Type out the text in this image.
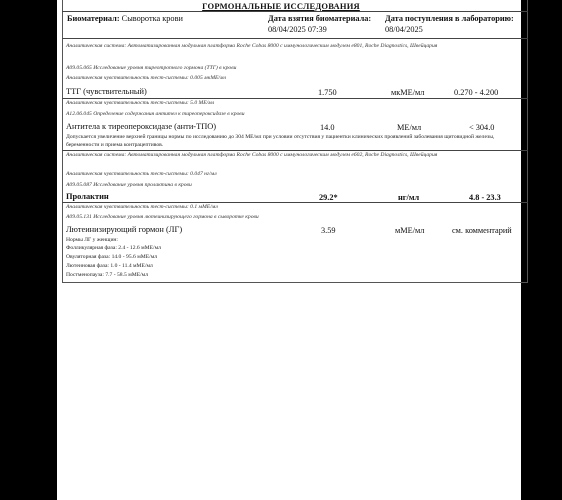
ГОРМОНАЛЬНЫЕ ИССЛЕДОВАНИЯ
Биоматериал: Сыворотка крови	Дата взятия биоматериала:
08/04/2025 07:39
Дата поступления в лабораторию:
08/04/2025
Аналитическая система: Автоматизированная модульная платформа Roche Cobas 8000 с иммунологическим модулем e801, Roche Diagnostics, Швейцария
А09.05.065 Исследование уровня тиреотропного гормона (ТТГ) в крови
Аналитическая чувствительность тест-системы: 0.005 мкМЕ/мл
ТТГ (чувствительный)	1.750	мкМЕ/мл	0.270 - 4.200
Аналитическая чувствительность тест-системы: 5.0 МЕ/мл
А12.06.045 Определение содержания антител к тиреопероксидазе в крови
Антитела к тиреопероксидазе (анти-ТПО)	14.0	МЕ/мл	< 304.0
Допускается увеличение верхней границы нормы по исследованию до 304 МЕ/мл при условии отсутствия у пациентки клинических проявлений заболевания щитовидной железы, беременности и приема контрацептивов.
Аналитическая система: Автоматизированная модульная платформа Roche Cobas 8000 с иммунологическим модулем e602, Roche Diagnostics, Швейцария
Аналитическая чувствительность тест-системы: 0.047 нг/мл
А09.05.087 Исследование уровня пролактина в крови
Пролактин	29.2*	нг/мл	4.8 - 23.3
Аналитическая чувствительность тест-системы: 0.1 мМЕ/мл
А09.05.131 Исследование уровня лютеинизирующего гормона в сыворотке крови
Лютеинизирующий гормон (ЛГ)	3.59	мМЕ/мл	см. комментарий
Нормы ЛГ у женщин:
Фолликулярная фаза: 2.4 - 12.6 мМЕ/мл
Овуляторная фаза: 14.0 - 95.6 мМЕ/мл
Лютеиновая фаза: 1.0 - 11.4 мМЕ/мл
Постменопауза: 7.7 - 58.5 мМЕ/мл
